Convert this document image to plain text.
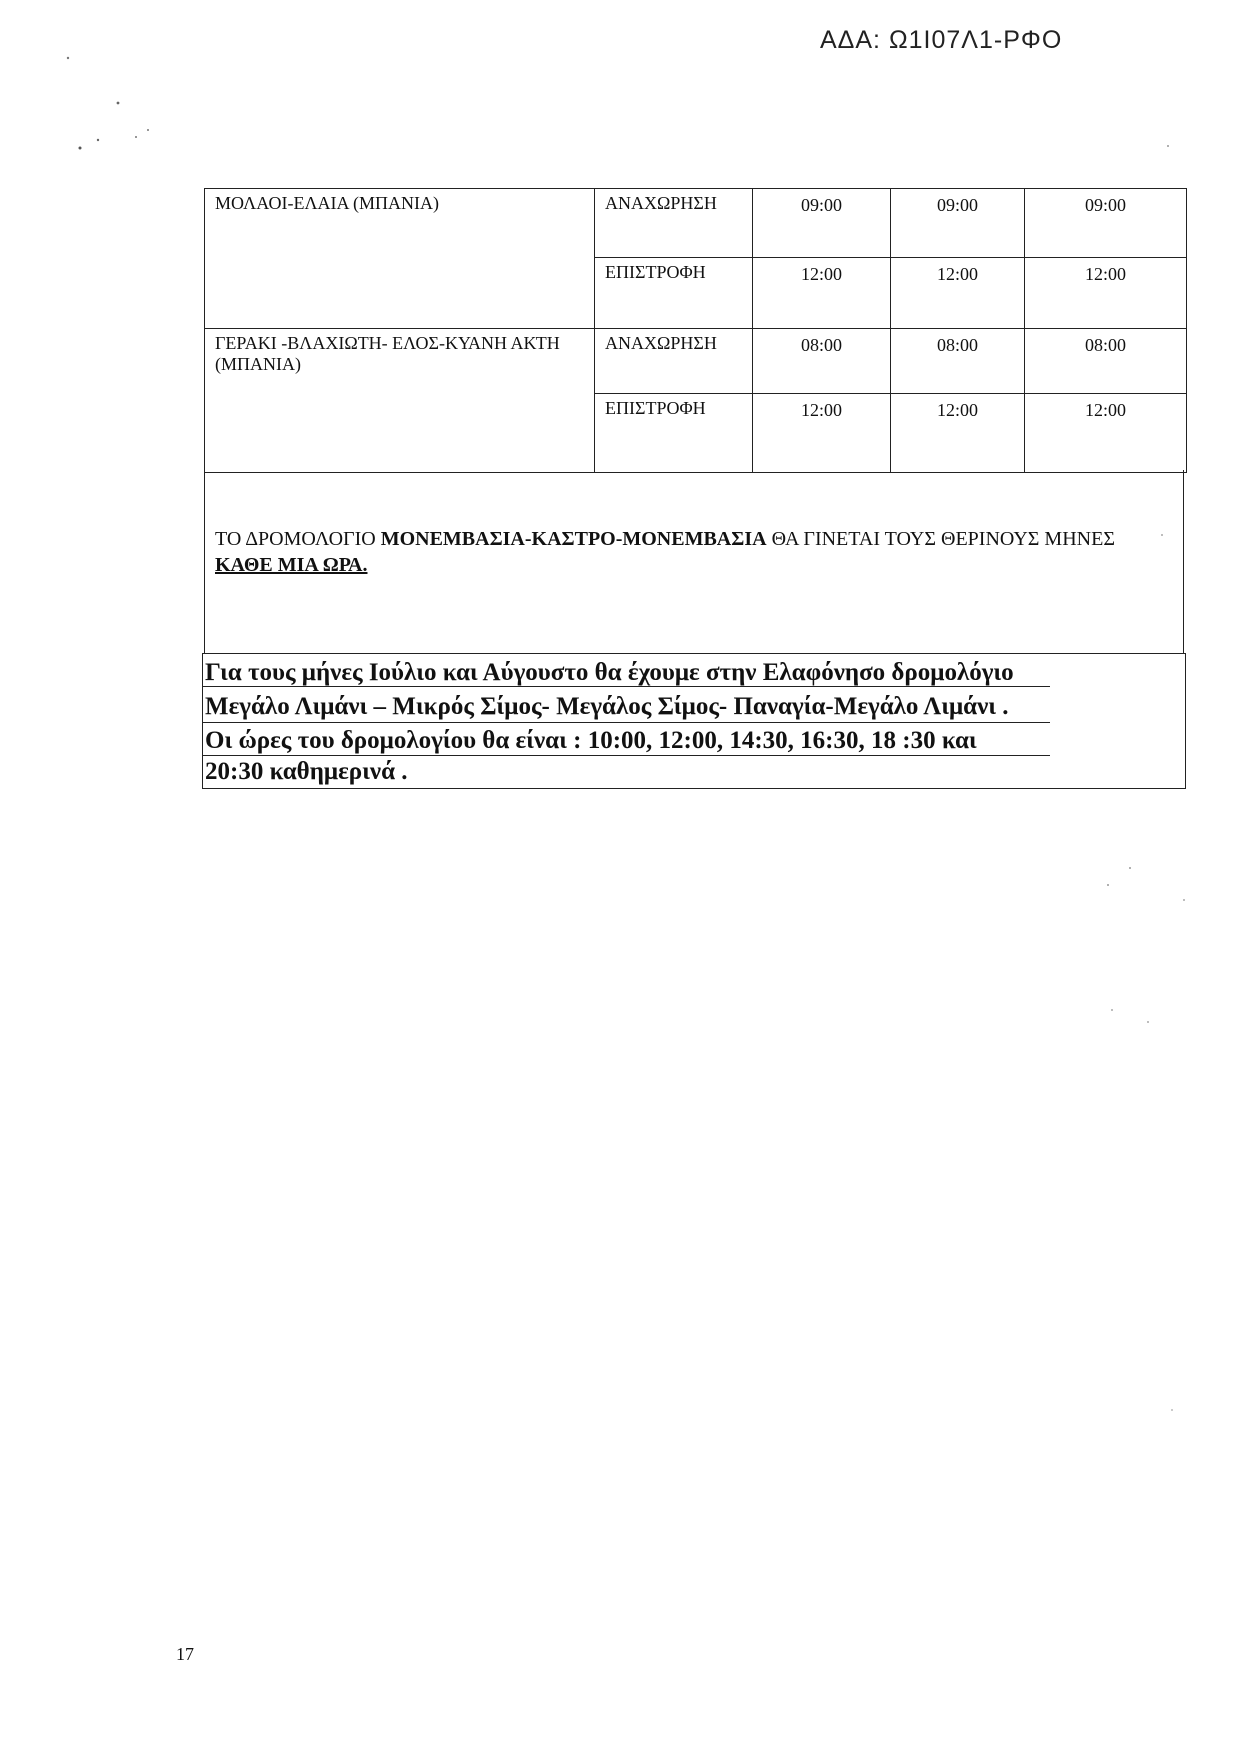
ΑΔΑ: Ω1Ι07Λ1-ΡΦΟ
ΜΟΛΑΟΙ-ΕΛΑΙΑ (ΜΠΑΝΙΑ)	ΑΝΑΧΩΡΗΣΗ	09:00	09:00	09:00
	ΕΠΙΣΤΡΟΦΗ	12:00	12:00	12:00
ΓΕΡΑΚΙ -ΒΛΑΧΙΩΤΗ- ΕΛΟΣ-ΚΥΑΝΗ ΑΚΤΗ (ΜΠΑΝΙΑ)	ΑΝΑΧΩΡΗΣΗ	08:00	08:00	08:00
	ΕΠΙΣΤΡΟΦΗ	12:00	12:00	12:00

ΤΟ ΔΡΟΜΟΛΟΓΙΟ ΜΟΝΕΜΒΑΣΙΑ-ΚΑΣΤΡΟ-ΜΟΝΕΜΒΑΣΙΑ ΘΑ ΓΙΝΕΤΑΙ ΤΟΥΣ ΘΕΡΙΝΟΥΣ ΜΗΝΕΣ ΚΑΘΕ ΜΙΑ ΩΡΑ.

Για τους μήνες Ιούλιο και Αύγουστο θα έχουμε στην Ελαφόνησο δρομολόγιο
Μεγάλο Λιμάνι – Μικρός Σίμος- Μεγάλος Σίμος- Παναγία-Μεγάλο Λιμάνι .
Οι ώρες του δρομολογίου θα είναι : 10:00, 12:00, 14:30, 16:30, 18 :30 και
20:30 καθημερινά .
17
